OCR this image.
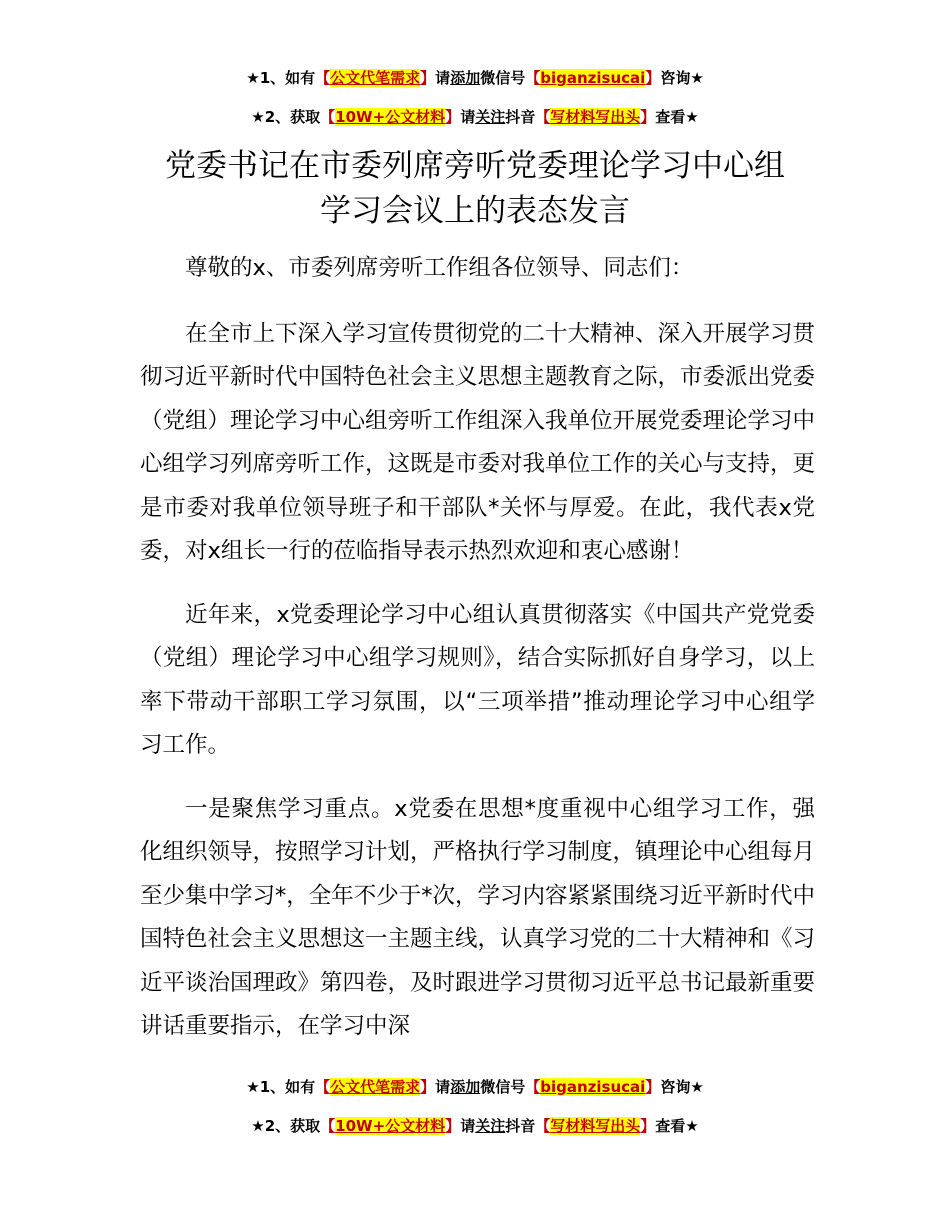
★1、如有【公文代笔需求】请添加微信号【biganzisucai】咨询★
★2、获取【10W+公文材料】请关注抖音【写材料写出头】查看★
党委书记在市委列席旁听党委理论学习中心组
学习会议上的表态发言

尊敬的x、市委列席旁听工作组各位领导、同志们：

在全市上下深入学习宣传贯彻党的二十大精神、深入开展学习贯彻习近平新时代中国特色社会主义思想主题教育之际，市委派出党委（党组）理论学习中心组旁听工作组深入我单位开展党委理论学习中心组学习列席旁听工作，这既是市委对我单位工作的关心与支持，更是市委对我单位领导班子和干部队*关怀与厚爱。在此，我代表x党委，对x组长一行的莅临指导表示热烈欢迎和衷心感谢！

近年来，x党委理论学习中心组认真贯彻落实《中国共产党党委（党组）理论学习中心组学习规则》，结合实际抓好自身学习，以上率下带动干部职工学习氛围，以“三项举措”推动理论学习中心组学习工作。

一是聚焦学习重点。x党委在思想*度重视中心组学习工作，强化组织领导，按照学习计划，严格执行学习制度，镇理论中心组每月至少集中学习*，全年不少于*次，学习内容紧紧围绕习近平新时代中国特色社会主义思想这一主题主线，认真学习党的二十大精神和《习近平谈治国理政》第四卷，及时跟进学习贯彻习近平总书记最新重要讲话重要指示，在学习中深

★1、如有【公文代笔需求】请添加微信号【biganzisucai】咨询★
★2、获取【10W+公文材料】请关注抖音【写材料写出头】查看★
